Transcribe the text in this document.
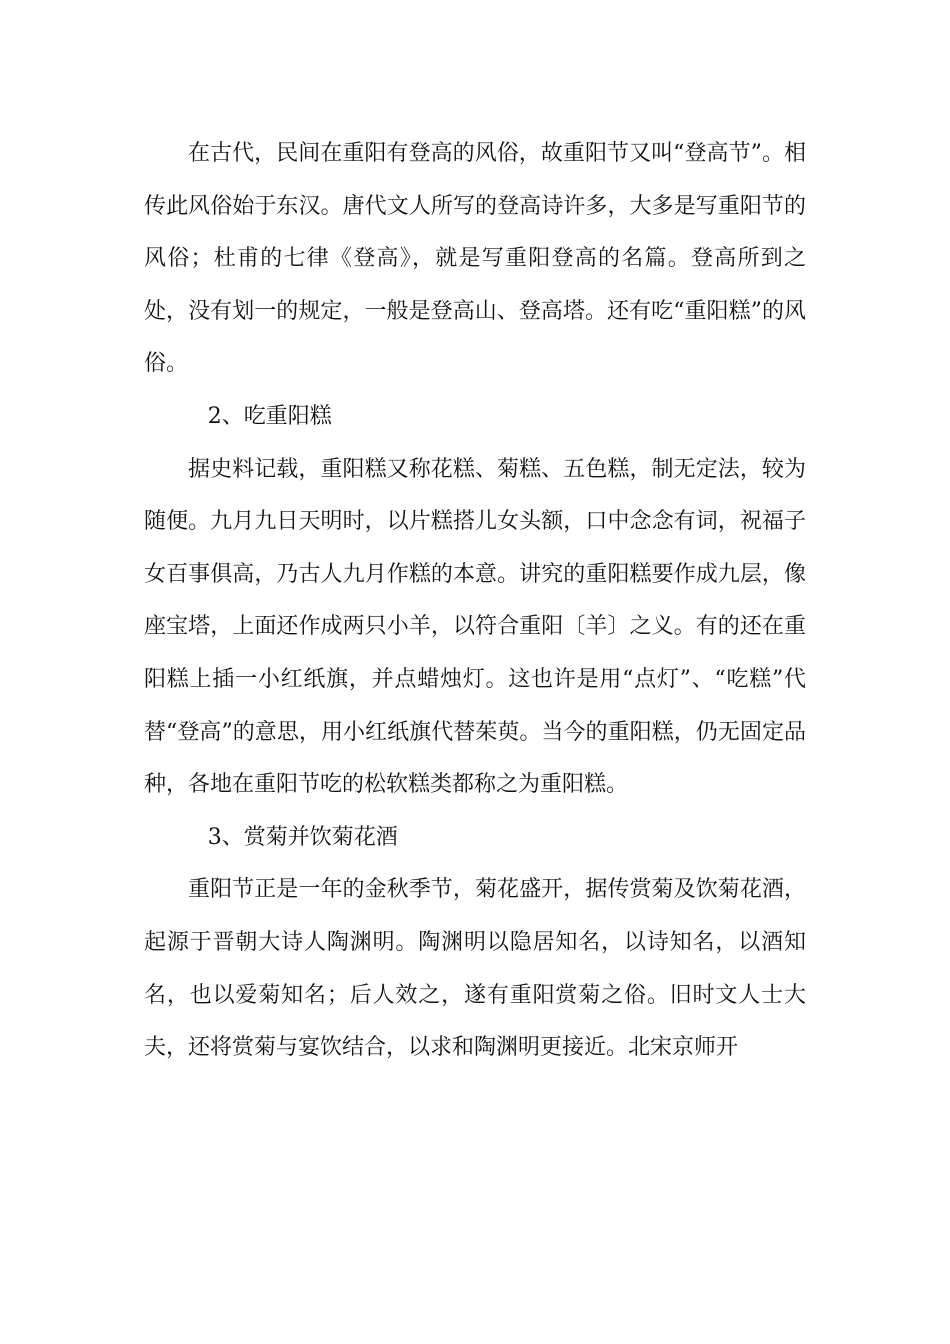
在古代，民间在重阳有登高的风俗，故重阳节又叫“登高节”。相传此风俗始于东汉。唐代文人所写的登高诗许多，大多是写重阳节的风俗；杜甫的七律《登高》，就是写重阳登高的名篇。登高所到之处，没有划一的规定，一般是登高山、登高塔。还有吃“重阳糕”的风俗。

2、吃重阳糕

据史料记载，重阳糕又称花糕、菊糕、五色糕，制无定法，较为随便。九月九日天明时，以片糕搭儿女头额，口中念念有词，祝福子女百事俱高，乃古人九月作糕的本意。讲究的重阳糕要作成九层，像座宝塔，上面还作成两只小羊，以符合重阳〔羊〕之义。有的还在重阳糕上插一小红纸旗，并点蜡烛灯。这也许是用“点灯”、“吃糕”代替“登高”的意思，用小红纸旗代替茱萸。当今的重阳糕，仍无固定品种，各地在重阳节吃的松软糕类都称之为重阳糕。

3、赏菊并饮菊花酒

重阳节正是一年的金秋季节，菊花盛开，据传赏菊及饮菊花酒，起源于晋朝大诗人陶渊明。陶渊明以隐居知名，以诗知名，以酒知名，也以爱菊知名；后人效之，遂有重阳赏菊之俗。旧时文人士大夫，还将赏菊与宴饮结合，以求和陶渊明更接近。北宋京师开
